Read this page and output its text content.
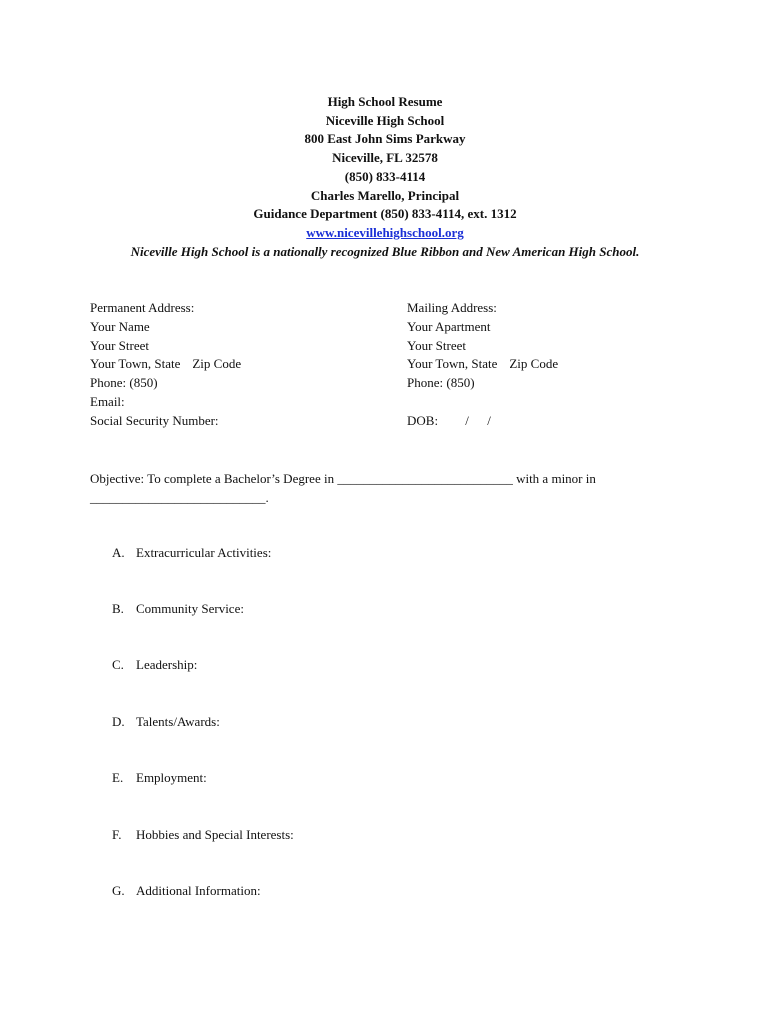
High School Resume
Niceville High School
800 East John Sims Parkway
Niceville, FL 32578
(850) 833-4114
Charles Marello, Principal
Guidance Department (850) 833-4114, ext. 1312
www.nicevillehighschool.org
Niceville High School is a nationally recognized Blue Ribbon and New American High School.
Permanent Address:
Your Name
Your Street
Your Town, State Zip Code
Phone: (850)
Email:
Social Security Number:
Mailing Address:
Your Apartment
Your Street
Your Town, State Zip Code
Phone: (850)

DOB: / /
Objective: To complete a Bachelor’s Degree in ___________________________ with a minor in
___________________________.
A. Extracurricular Activities:
B. Community Service:
C. Leadership:
D. Talents/Awards:
E. Employment:
F. Hobbies and Special Interests:
G. Additional Information:
